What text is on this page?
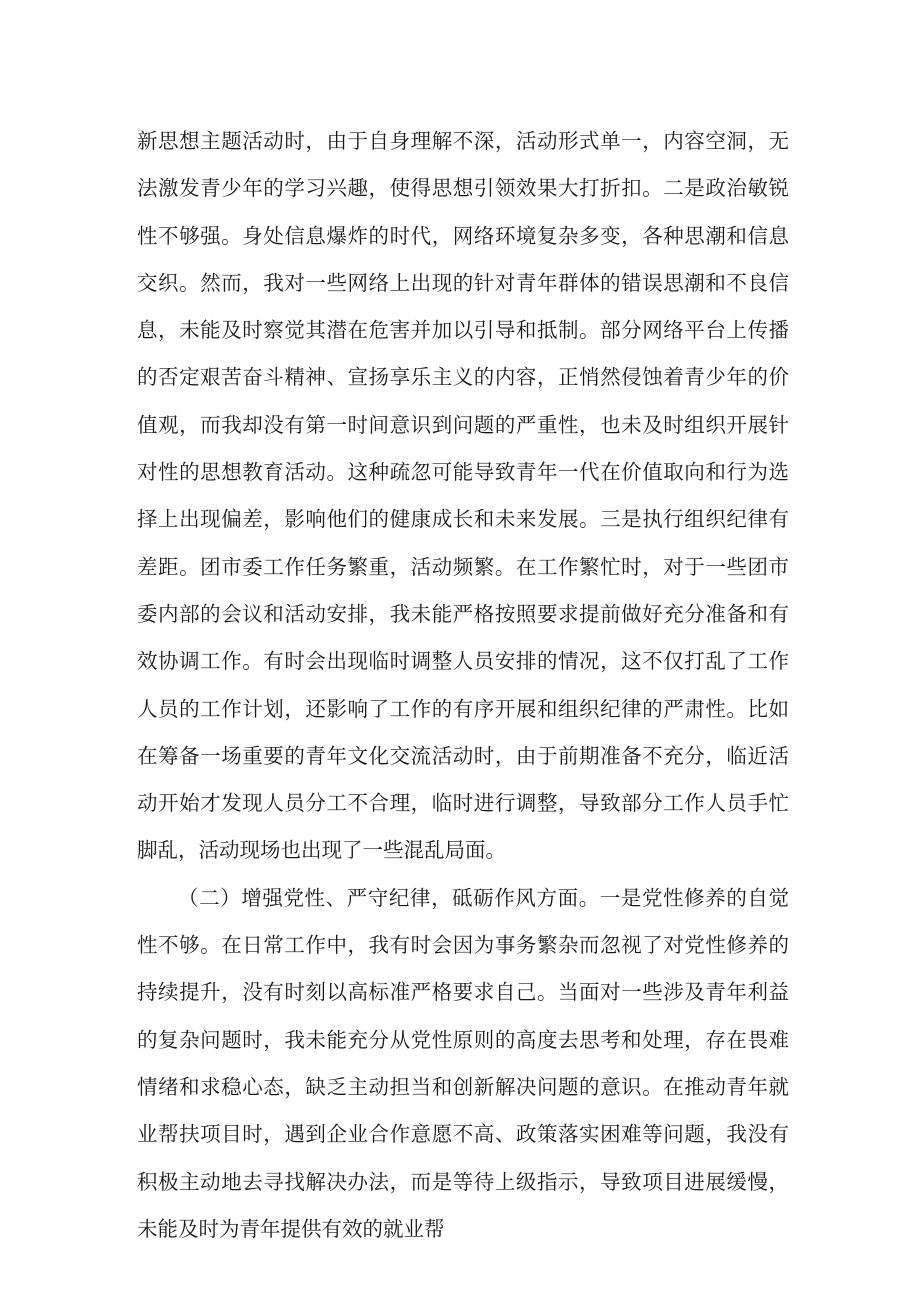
新思想主题活动时，由于自身理解不深，活动形式单一，内容空洞，无法激发青少年的学习兴趣，使得思想引领效果大打折扣。二是政治敏锐性不够强。身处信息爆炸的时代，网络环境复杂多变，各种思潮和信息交织。然而，我对一些网络上出现的针对青年群体的错误思潮和不良信息，未能及时察觉其潜在危害并加以引导和抵制。部分网络平台上传播的否定艰苦奋斗精神、宣扬享乐主义的内容，正悄然侵蚀着青少年的价值观，而我却没有第一时间意识到问题的严重性，也未及时组织开展针对性的思想教育活动。这种疏忽可能导致青年一代在价值取向和行为选择上出现偏差，影响他们的健康成长和未来发展。三是执行组织纪律有差距。团市委工作任务繁重，活动频繁。在工作繁忙时，对于一些团市委内部的会议和活动安排，我未能严格按照要求提前做好充分准备和有效协调工作。有时会出现临时调整人员安排的情况，这不仅打乱了工作人员的工作计划，还影响了工作的有序开展和组织纪律的严肃性。比如在筹备一场重要的青年文化交流活动时，由于前期准备不充分，临近活动开始才发现人员分工不合理，临时进行调整，导致部分工作人员手忙脚乱，活动现场也出现了一些混乱局面。

（二）增强党性、严守纪律，砥砺作风方面。一是党性修养的自觉性不够。在日常工作中，我有时会因为事务繁杂而忽视了对党性修养的持续提升，没有时刻以高标准严格要求自己。当面对一些涉及青年利益的复杂问题时，我未能充分从党性原则的高度去思考和处理，存在畏难情绪和求稳心态，缺乏主动担当和创新解决问题的意识。在推动青年就业帮扶项目时，遇到企业合作意愿不高、政策落实困难等问题，我没有积极主动地去寻找解决办法，而是等待上级指示，导致项目进展缓慢，未能及时为青年提供有效的就业帮
